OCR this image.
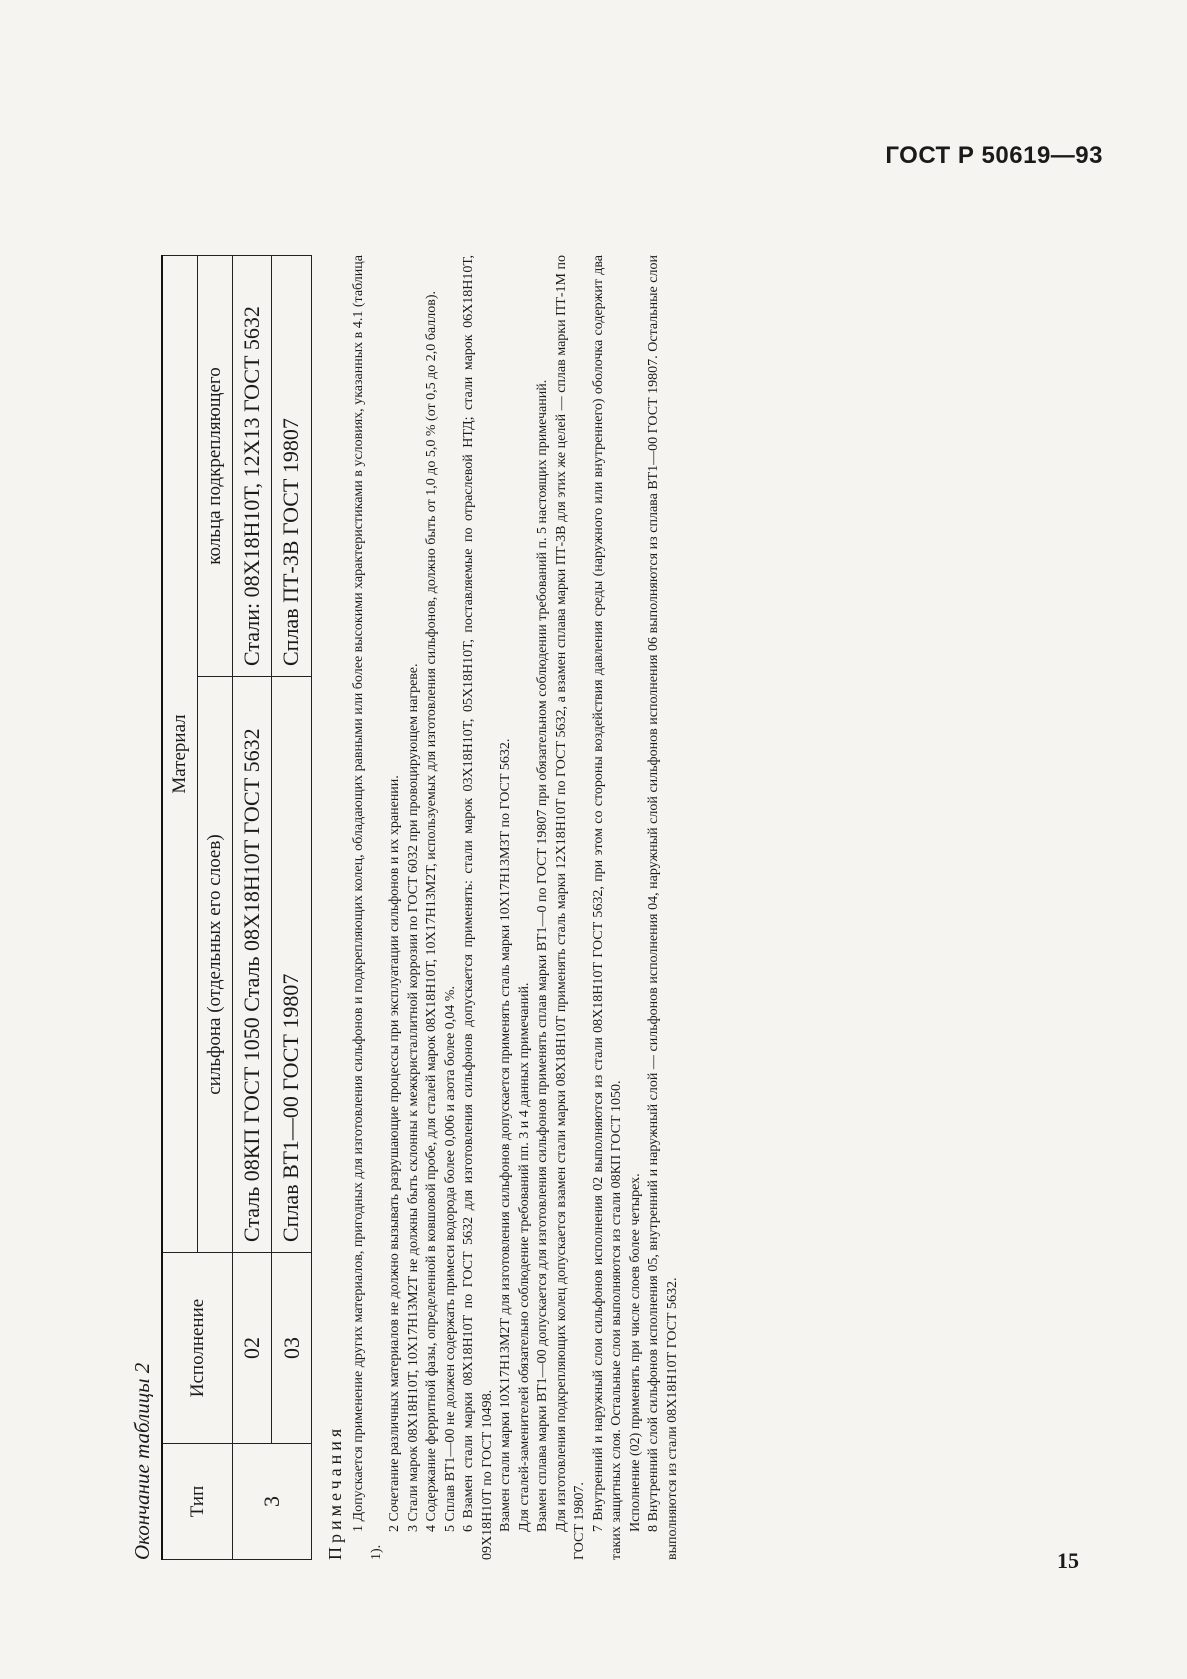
ГОСТ Р 50619—93
Окончание таблицы 2 Тип	Исполнение	Материал	
		сильфона (отдельных его слоев)	кольца подкрепляющего
3	02	Сталь 08КП ГОСТ 1050 Сталь 08Х18Н10Т ГОСТ 5632	Стали: 08Х18Н10Т, 12Х13 ГОСТ 5632
	03	Сплав ВТ1—00 ГОСТ 19807	Сплав ПТ-3В ГОСТ 19807
Примечания 1 Допускается применение других материалов, пригодных для изготовления сильфонов и подкрепляющих колец, обладающих равными или более высокими характеристиками в условиях, указанных в 4.1 (таблица 1).

2 Сочетание различных материалов не должно вызывать разрушающие процессы при эксплуатации сильфонов и их хранении. 3 Стали марок 08Х18Н10Т, 10Х17Н13М2Т не должны быть склонны к межкристаллитной коррозии по ГОСТ 6032 при провоцирующем нагреве. 4 Содержание ферритной фазы, определенной в ковшовой пробе, для сталей марок 08Х18Н10Т, 10Х17Н13М2Т, используемых для изготовления сильфонов, должно быть от 1,0 до 5,0 % (от 0,5 до 2,0 баллов). 5 Сплав ВТ1—00 не должен содержать примеси водорода более 0,006 и азота более 0,04 %. 6 Взамен стали марки 08Х18Н10Т по ГОСТ 5632 для изготовления сильфонов допускается применять: стали марок 03Х18Н10Т, 05Х18Н10Т, поставляемые по отраслевой НТД; стали марок 06Х18Н10Т, 09Х18Н10Т по ГОСТ 10498. Взамен стали марки 10Х17Н13М2Т для изготовления сильфонов допускается применять сталь марки 10Х17Н13М3Т по ГОСТ 5632. Для сталей-заменителей обязательно соблюдение требований пп. 3 и 4 данных примечаний. Взамен сплава марки ВТ1—00 допускается для изготовления сильфонов применять сплав марки ВТ1—0 по ГОСТ 19807 при обязательном соблюдении требований п. 5 настоящих примечаний. Для изготовления подкрепляющих колец допускается взамен стали марки 08Х18Н10Т применять сталь марки 12Х18Н10Т по ГОСТ 5632, а взамен сплава марки ПТ-3В для этих же целей — сплав марки ПТ-1М по ГОСТ 19807. 7 Внутренний и наружный слои сильфонов исполнения 02 выполняются из стали 08Х18Н10Т ГОСТ 5632, при этом со стороны воздействия давления среды (наружного или внутреннего) оболочка содержит два таких защитных слоя. Остальные слои выполняются из стали 08КП ГОСТ 1050. Исполнение (02) применять при числе слоев более четырех. 8 Внутренний слой сильфонов исполнения 05, внутренний и наружный слой — сильфонов исполнения 04, наружный слой сильфонов исполнения 06 выполняются из сплава ВТ1—00 ГОСТ 19807. Остальные слои выполняются из стали 08Х18Н10Т ГОСТ 5632.

15
